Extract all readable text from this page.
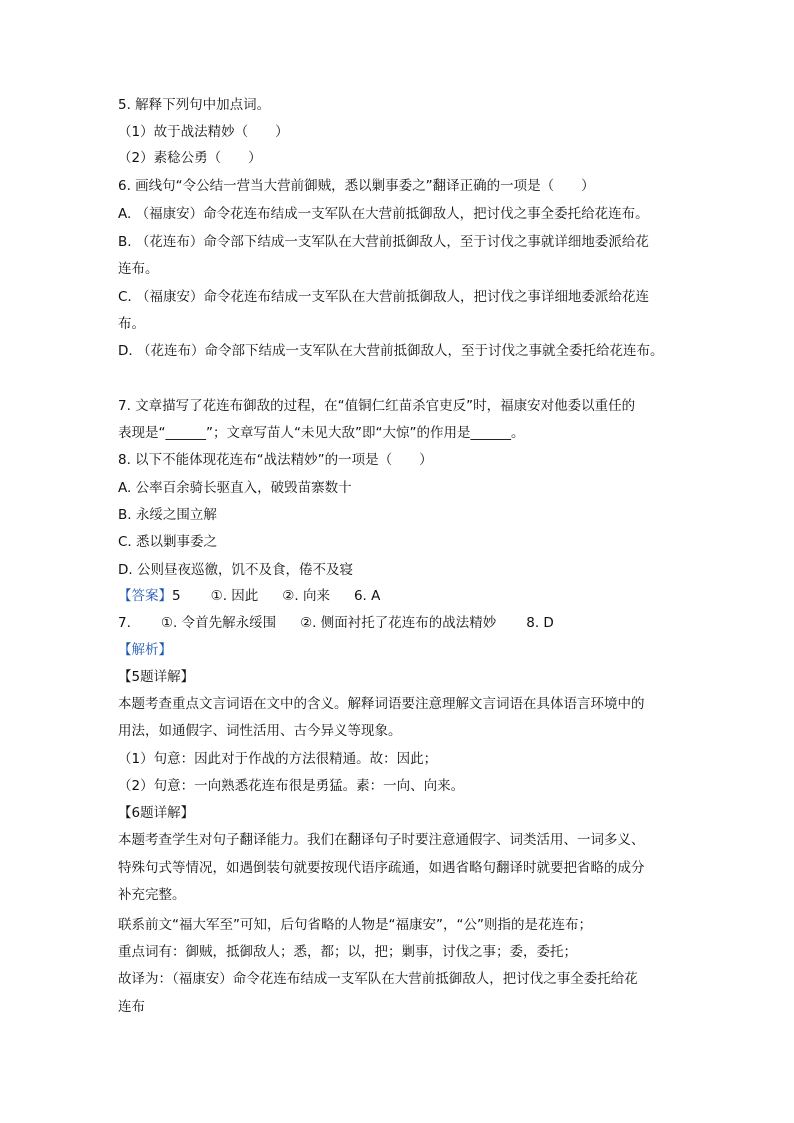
5. 解释下列句中加点词。
（1）故于战法精妙（　　）
（2）素稔公勇（　　）
6. 画线句“令公结一营当大营前御贼，悉以剿事委之”翻译正确的一项是（　　）
A. （福康安）命令花连布结成一支军队在大营前抵御敌人，把讨伐之事全委托给花连布。
B. （花连布）命令部下结成一支军队在大营前抵御敌人，至于讨伐之事就详细地委派给花
连布。
C. （福康安）命令花连布结成一支军队在大营前抵御敌人，把讨伐之事详细地委派给花连
布。
D. （花连布）命令部下结成一支军队在大营前抵御敌人，至于讨伐之事就全委托给花连布。
7. 文章描写了花连布御敌的过程，在“值铜仁红苗杀官吏反”时，福康安对他委以重任的
表现是“______”；文章写苗人“未见大敌”即“大惊”的作用是______。
8. 以下不能体现花连布“战法精妙”的一项是（　　）
A. 公率百余骑长驱直入，破毁苗寨数十
B. 永绥之围立解
C. 悉以剿事委之
D. 公则昼夜巡徼，饥不及食，倦不及寝
【答案】5 ①. 因此 ②. 向来 6. A
7. ①. 令首先解永绥围 ②. 侧面衬托了花连布的战法精妙 8. D
【解析】
【5题详解】
本题考查重点文言词语在文中的含义。解释词语要注意理解文言词语在具体语言环境中的
用法，如通假字、词性活用、古今异义等现象。
（1）句意：因此对于作战的方法很精通。故：因此；
（2）句意：一向熟悉花连布很是勇猛。素：一向、向来。
【6题详解】
本题考查学生对句子翻译能力。我们在翻译句子时要注意通假字、词类活用、一词多义、
特殊句式等情况，如遇倒装句就要按现代语序疏通，如遇省略句翻译时就要把省略的成分
补充完整。
联系前文“福大军至”可知，后句省略的人物是“福康安”，“公”则指的是花连布；
重点词有：御贼，抵御敌人；悉，都；以，把；剿事，讨伐之事；委，委托；
故译为：（福康安）命令花连布结成一支军队在大营前抵御敌人，把讨伐之事全委托给花
连布
